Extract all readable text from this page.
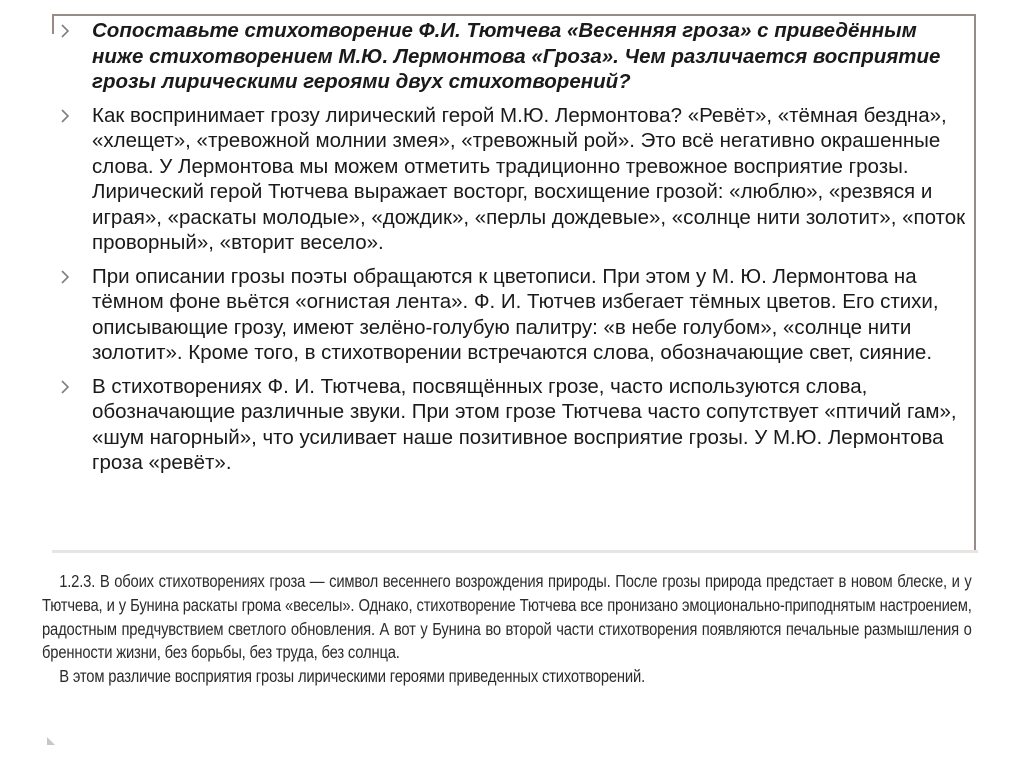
Сопоставьте стихотворение Ф.И. Тютчева «Весенняя гроза» с приведённым ниже стихотворением М.Ю. Лермонтова «Гроза». Чем различается восприятие грозы лирическими героями двух стихотворений?
Как воспринимает грозу лирический герой М.Ю. Лермонтова? «Ревёт», «тёмная бездна», «хлещет», «тревожной молнии змея», «тревожный рой». Это всё негативно окрашенные слова. У Лермонтова мы можем отметить традиционно тревожное восприятие грозы. Лирический герой Тютчева выражает восторг, восхищение грозой: «люблю», «резвяся и играя», «раскаты молодые», «дождик», «перлы дождевые», «солнце нити золотит», «поток проворный», «вторит весело».
При описании грозы поэты обращаются к цветописи. При этом у М. Ю. Лермонтова на тёмном фоне вьётся «огнистая лента». Ф. И. Тютчев избегает тёмных цветов. Его стихи, описывающие грозу, имеют зелёно-голубую палитру: «в небе голубом», «солнце нити золотит». Кроме того, в стихотворении встречаются слова, обозначающие свет, сияние.
В стихотворениях Ф. И. Тютчева, посвящённых грозе, часто используются слова, обозначающие различные звуки. При этом грозе Тютчева часто сопутствует «птичий гам», «шум нагорный», что усиливает наше позитивное восприятие грозы. У М.Ю. Лермонтова гроза «ревёт».

1.2.3. В обоих стихотворениях гроза — символ весеннего возрождения природы. После грозы природа предстает в новом блеске, и у Тютчева, и у Бунина раскаты грома «веселы». Однако, стихотворение Тютчева все пронизано эмоционально-приподнятым настроением, радостным предчувствием светлого обновления. А вот у Бунина во второй части стихотворения появляются печальные размышления о бренности жизни, без борьбы, без труда, без солнца.

В этом различие восприятия грозы лирическими героями приведенных стихотворений.
